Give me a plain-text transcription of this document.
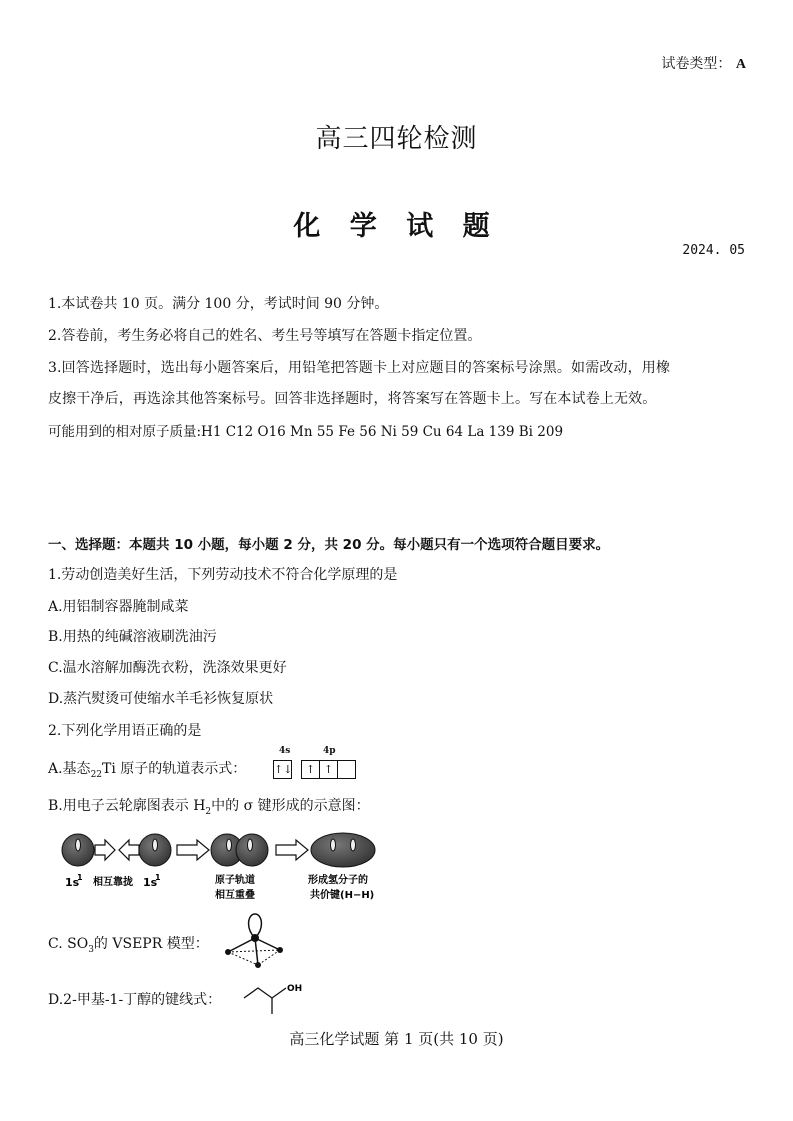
试卷类型： A
高三四轮检测
化 学 试 题
2024. 05
1.本试卷共 10 页。满分 100 分，考试时间 90 分钟。
2.答卷前，考生务必将自己的姓名、考生号等填写在答题卡指定位置。
3.回答选择题时，选出每小题答案后，用铅笔把答题卡上对应题目的答案标号涂黑。如需改动，用橡
皮擦干净后，再选涂其他答案标号。回答非选择题时，将答案写在答题卡上。写在本试卷上无效。
可能用到的相对原子质量:H1 C12 O16 Mn 55 Fe 56 Ni 59 Cu 64 La 139 Bi 209
一、选择题：本题共 10 小题，每小题 2 分，共 20 分。每小题只有一个选项符合题目要求。
1.劳动创造美好生活，下列劳动技术不符合化学原理的是
A.用铝制容器腌制咸菜
B.用热的纯碱溶液刷洗油污
C.温水溶解加酶洗衣粉，洗涤效果更好
D.蒸汽熨烫可使缩水羊毛衫恢复原状
2.下列化学用语正确的是
A.基态$_{22}$Ti 原子的轨道表示式：
4s	4p
↑↓	↑ ↑
B.用电子云轮廓图表示 $H_2$中的 σ 键形成的示意图：
1s
1 相互靠拢 1s
1	原子轨道
相互重叠
形成氢分子的
共价键(H−H)
C. $SO_3$的 VSEPR 模型：
D.2-甲基-1-丁醇的键线式：
OH
高三化学试题 第 1 页(共 10 页)
